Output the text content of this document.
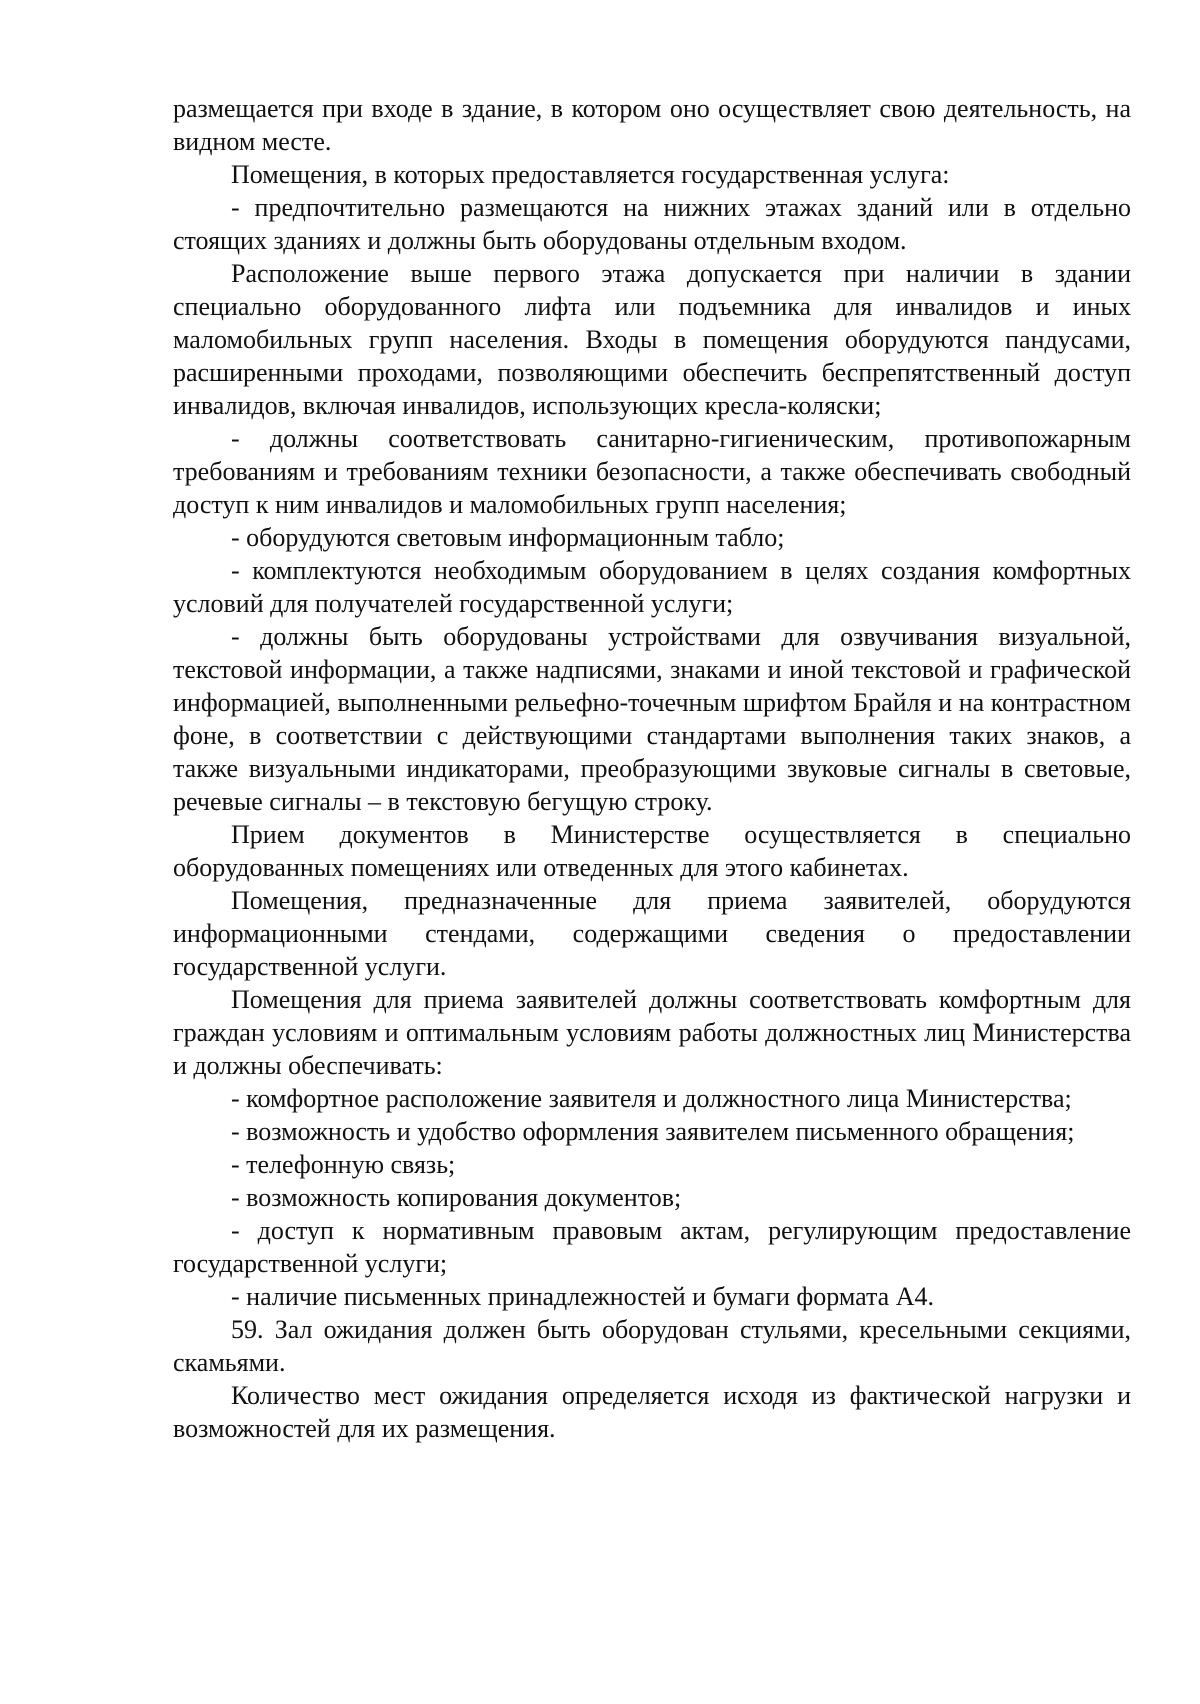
размещается при входе в здание, в котором оно осуществляет свою деятельность, на видном месте.

Помещения, в которых предоставляется государственная услуга:

- предпочтительно размещаются на нижних этажах зданий или в отдельно стоящих зданиях и должны быть оборудованы отдельным входом.

Расположение выше первого этажа допускается при наличии в здании специально оборудованного лифта или подъемника для инвалидов и иных маломобильных групп населения. Входы в помещения оборудуются пандусами, расширенными проходами, позволяющими обеспечить беспрепятственный доступ инвалидов, включая инвалидов, использующих кресла-коляски;

- должны соответствовать санитарно-гигиеническим, противопожарным требованиям и требованиям техники безопасности, а также обеспечивать свободный доступ к ним инвалидов и маломобильных групп населения;

- оборудуются световым информационным табло;

- комплектуются необходимым оборудованием в целях создания комфортных условий для получателей государственной услуги;

- должны быть оборудованы устройствами для озвучивания визуальной, текстовой информации, а также надписями, знаками и иной текстовой и графической информацией, выполненными рельефно-точечным шрифтом Брайля и на контрастном фоне, в соответствии с действующими стандартами выполнения таких знаков, а также визуальными индикаторами, преобразующими звуковые сигналы в световые, речевые сигналы – в текстовую бегущую строку.

Прием документов в Министерстве осуществляется в специально оборудованных помещениях или отведенных для этого кабинетах.

Помещения, предназначенные для приема заявителей, оборудуются информационными стендами, содержащими сведения о предоставлении государственной услуги.

Помещения для приема заявителей должны соответствовать комфортным для граждан условиям и оптимальным условиям работы должностных лиц Министерства и должны обеспечивать:

- комфортное расположение заявителя и должностного лица Министерства;

- возможность и удобство оформления заявителем письменного обращения;

- телефонную связь;

- возможность копирования документов;

- доступ к нормативным правовым актам, регулирующим предоставление государственной услуги;

- наличие письменных принадлежностей и бумаги формата А4.

59. Зал ожидания должен быть оборудован стульями, кресельными секциями, скамьями.

Количество мест ожидания определяется исходя из фактической нагрузки и возможностей для их размещения.
